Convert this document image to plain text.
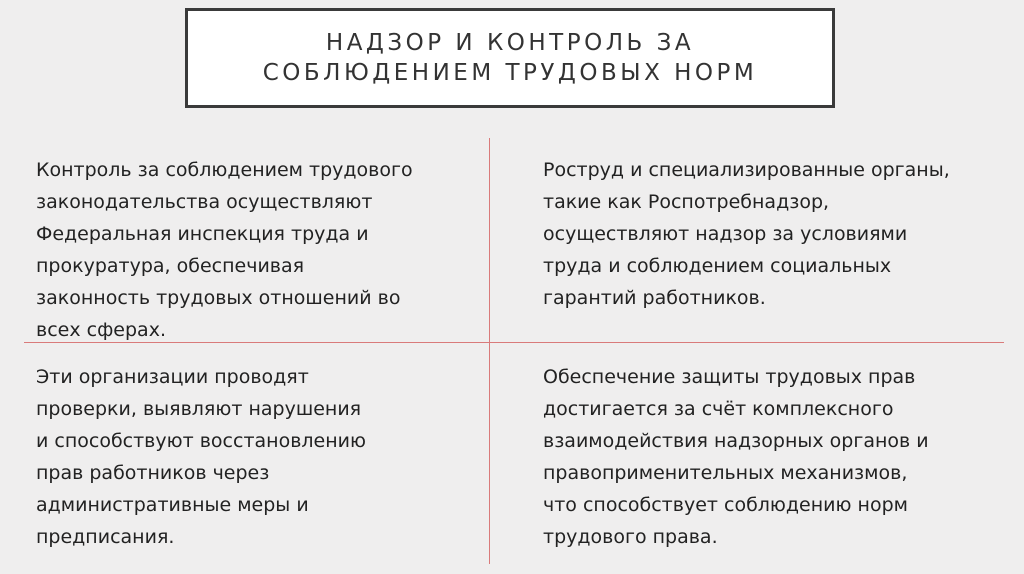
НАДЗОР И КОНТРОЛЬ ЗА
СОБЛЮДЕНИЕМ ТРУДОВЫХ НОРМ

Контроль за соблюдением трудового
законодательства осуществляют
Федеральная инспекция труда и
прокуратура, обеспечивая
законность трудовых отношений во
всех сферах.

Роструд и специализированные органы,
такие как Роспотребнадзор,
осуществляют надзор за условиями
труда и соблюдением социальных
гарантий работников.

Эти организации проводят
проверки, выявляют нарушения
и способствуют восстановлению
прав работников через
административные меры и
предписания.

Обеспечение защиты трудовых прав
достигается за счёт комплексного
взаимодействия надзорных органов и
правоприменительных механизмов,
что способствует соблюдению норм
трудового права.
